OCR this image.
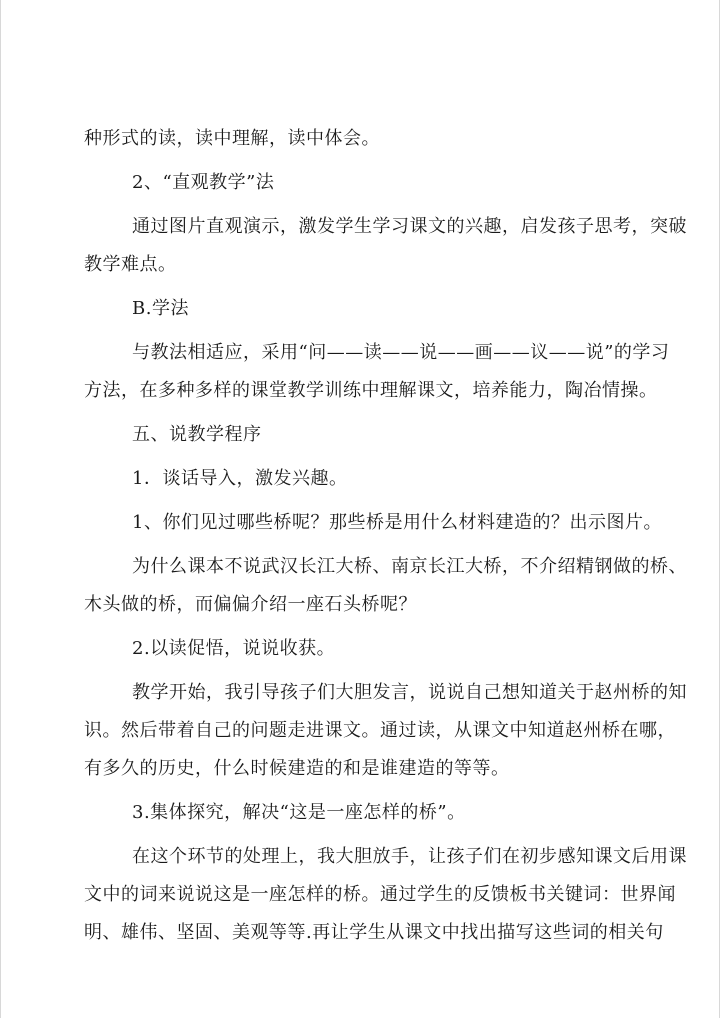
种形式的读，读中理解，读中体会。
2、“直观教学”法
通过图片直观演示，激发学生学习课文的兴趣，启发孩子思考，突破
教学难点。
B.学法
与教法相适应，采用“问——读——说——画——议——说”的学习
方法，在多种多样的课堂教学训练中理解课文，培养能力，陶冶情操。
五、说教学程序
1．谈话导入，激发兴趣。
1、你们见过哪些桥呢？那些桥是用什么材料建造的？出示图片。
为什么课本不说武汉长江大桥、南京长江大桥，不介绍精钢做的桥、
木头做的桥，而偏偏介绍一座石头桥呢？
2.以读促悟，说说收获。
教学开始，我引导孩子们大胆发言，说说自己想知道关于赵州桥的知
识。然后带着自己的问题走进课文。通过读，从课文中知道赵州桥在哪，
有多久的历史，什么时候建造的和是谁建造的等等。
3.集体探究，解决“这是一座怎样的桥”。
在这个环节的处理上，我大胆放手，让孩子们在初步感知课文后用课
文中的词来说说这是一座怎样的桥。通过学生的反馈板书关键词：世界闻
明、雄伟、坚固、美观等等.再让学生从课文中找出描写这些词的相关句
